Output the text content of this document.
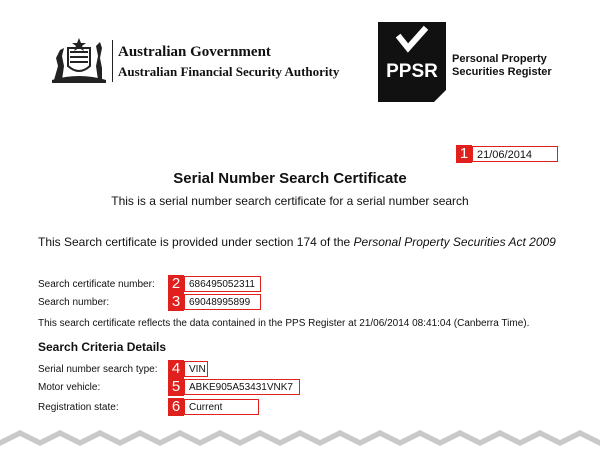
Australian Government
Australian Financial Security Authority PPSR
Personal Property
Securities Register
1 21/06/2014
Serial Number Search Certificate
This is a serial number search certificate for a serial number search
This Search certificate is provided under section 174 of the Personal Property Securities Act 2009
Search certificate number: 2 686495052311
Search number:	3 69048995899
This search certificate reflects the data contained in the PPS Register at 21/06/2014 08:41:04 (Canberra Time).
Search Criteria Details
Serial number search type: 4 VIN
Motor vehicle:	5 ABKE905A53431VNK7
Registration state:	6 Current
